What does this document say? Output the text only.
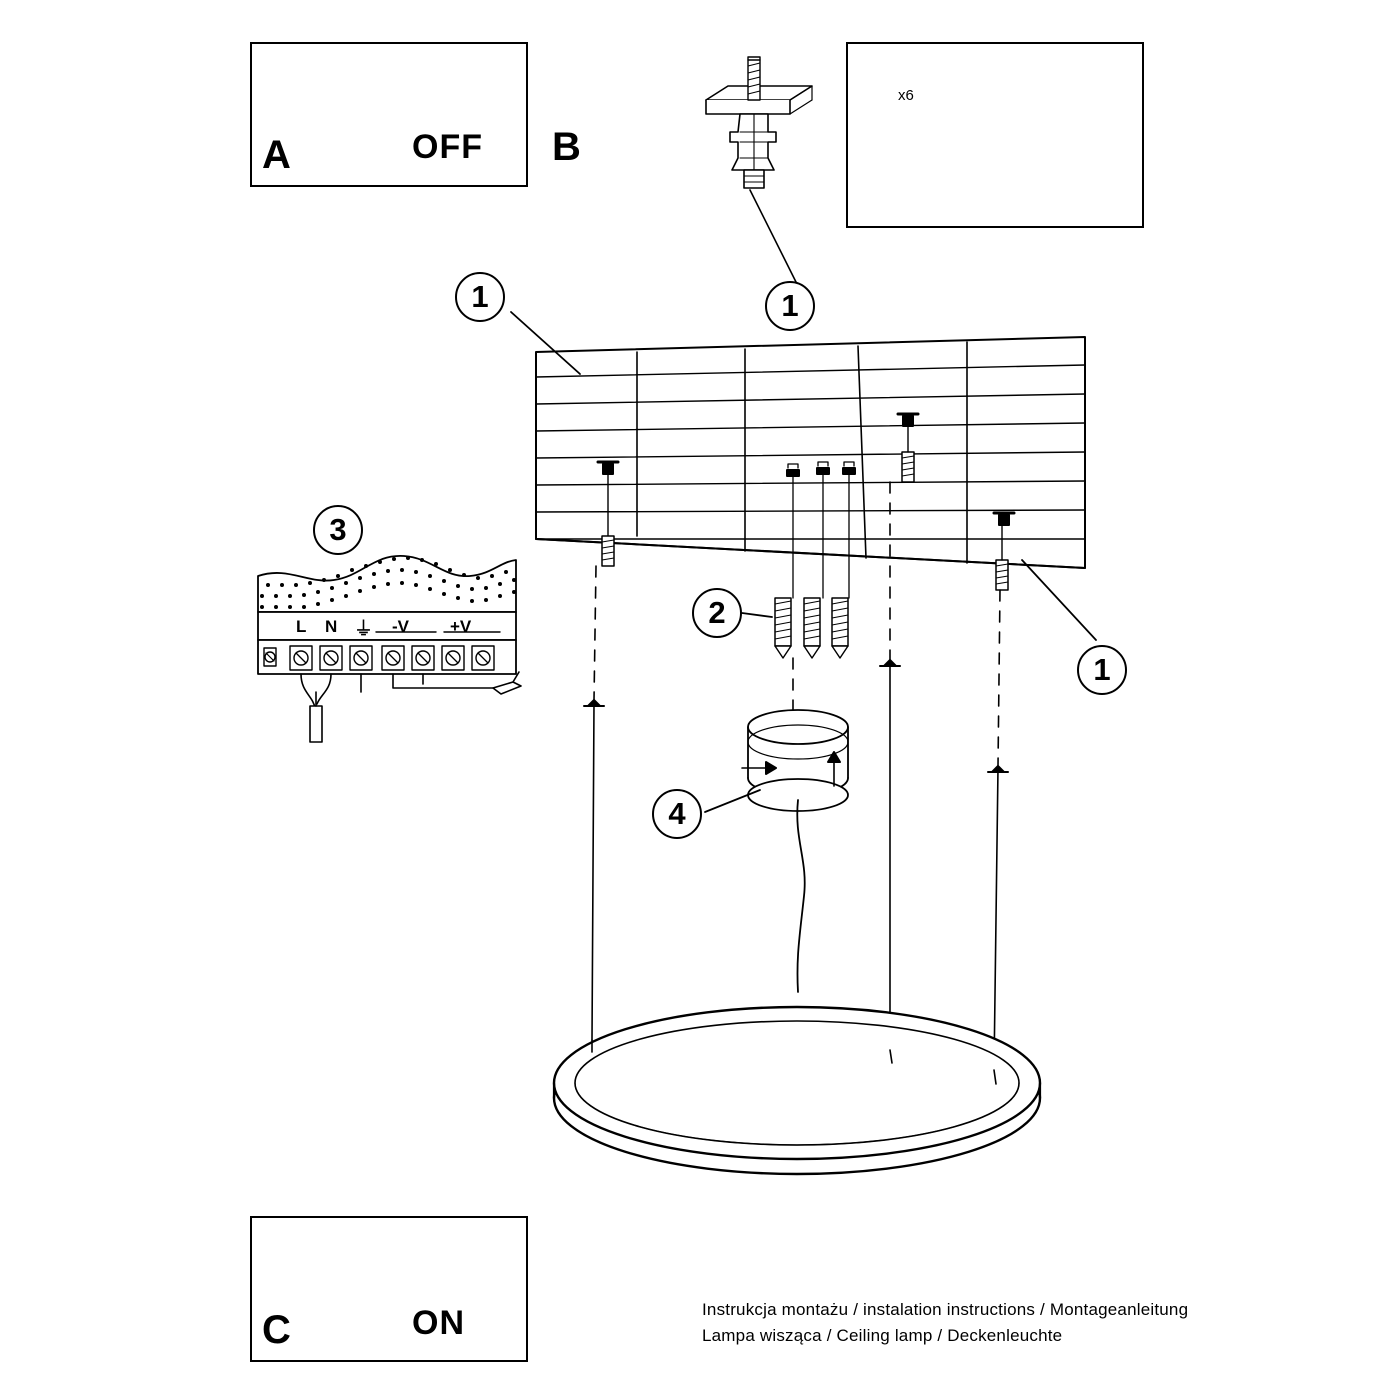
A	OFF B
C	ON
x6
L N ⏚ -V +V
1	1
1
2
3
4
Instrukcja montażu / instalation instructions / Montageanleitung
Lampa wisząca / Ceiling lamp / Deckenleuchte
